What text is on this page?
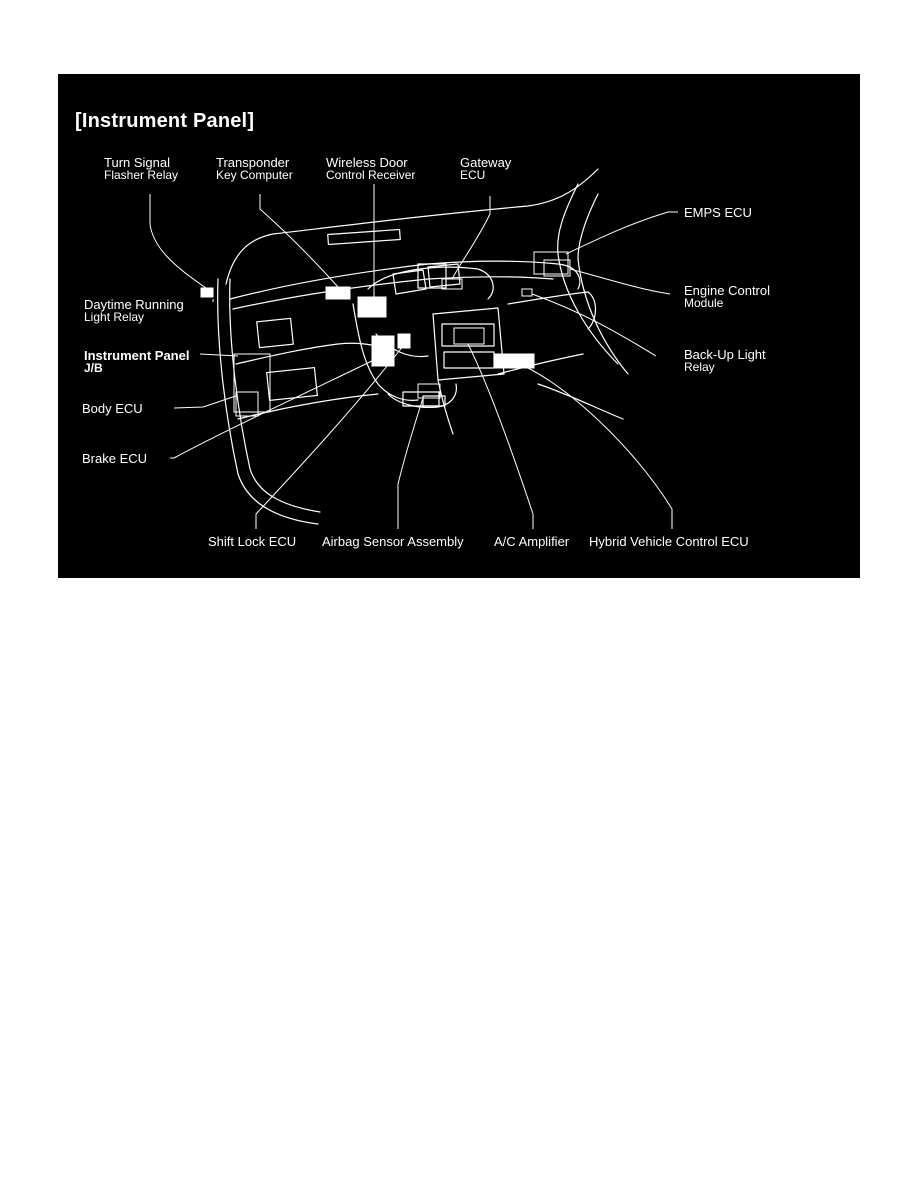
[Instrument Panel]
Turn Signal
Flasher Relay
Transponder
Key Computer
Wireless Door
Control Receiver
Gateway
ECU
EMPS ECU
Engine Control
Module
Daytime Running
Light Relay
Instrument Panel
J/B
Body ECU
Brake ECU
Back-Up Light
Relay
Shift Lock ECU Airbag Sensor Assembly A/C Amplifier Hybrid Vehicle Control ECU
